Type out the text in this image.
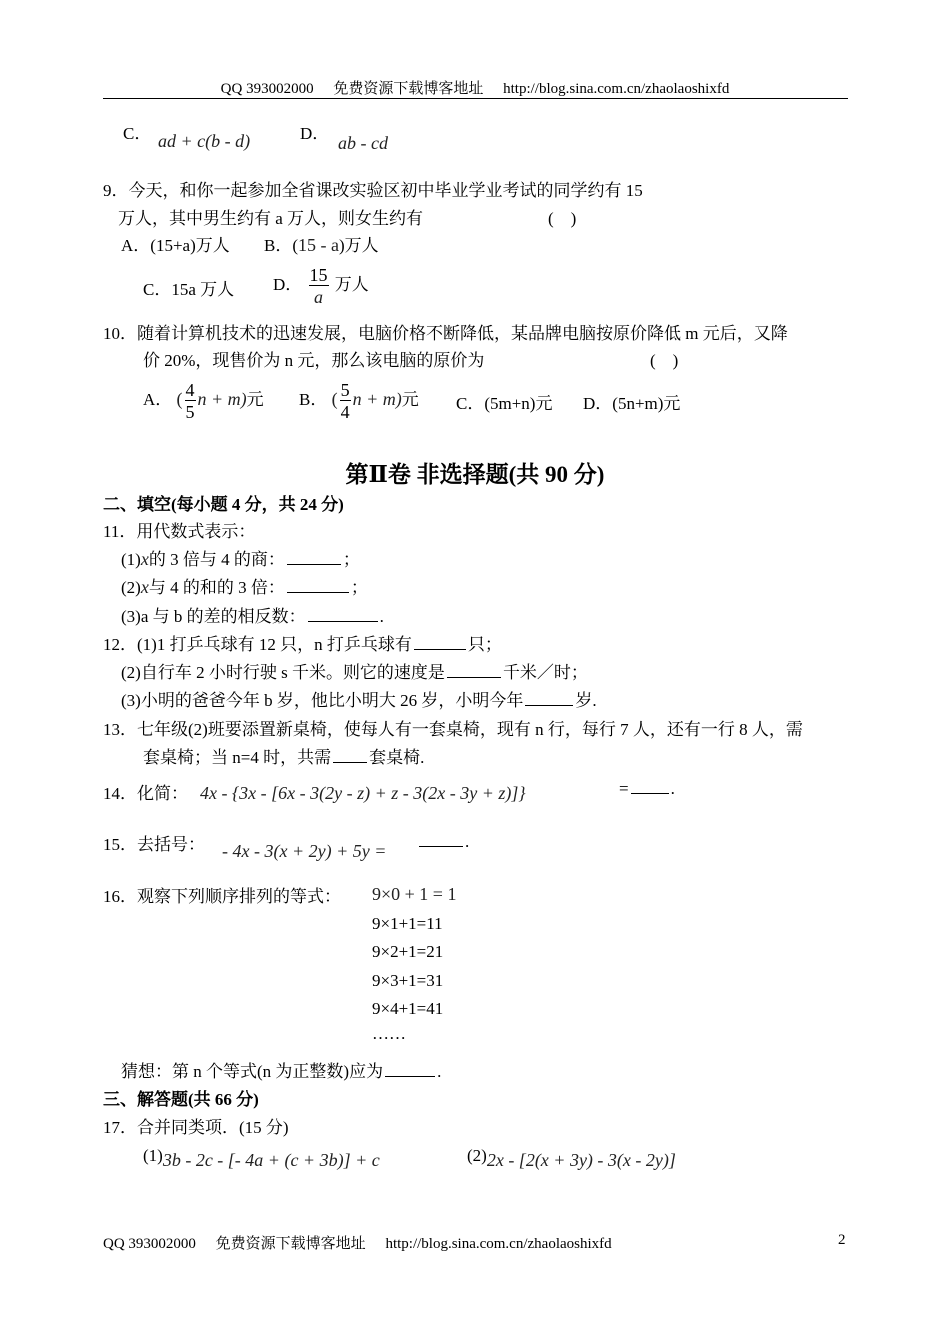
QQ 393002000 免费资源下载博客地址 http://blog.sina.com.cn/zhaolaoshixfd
C． ad + c(b - d)	D． ab - cd
9．今天，和你一起参加全省课改实验区初中毕业学业考试的同学约有 15
万人，其中男生约有 a 万人，则女生约有	(　)
A．(15+a)万人 B．(15 - a)万人
C．15a 万人 D． $\frac{15}{a}$ 万人
10．随着计算机技术的迅速发展，电脑价格不断降低，某品牌电脑按原价降低 m 元后，又降
价 20%，现售价为 n 元，那么该电脑的原价为	(　)
A． ( $\frac{4}{5}$ n + m)元 B． ( $\frac{5}{4}$ n + m)元 C．(5m+n)元 D．(5n+m)元
第Ⅱ卷 非选择题(共 90 分)
二、填空(每小题 4 分，共 24 分)
11．用代数式表示：
(1)x的 3 倍与 4 的商：	；
(2)x与 4 的和的 3 倍：	；
(3)a 与 b 的差的相反数：	.
12．(1)1 打乒乓球有 12 只，n 打乒乓球有	只；
(2)自行车 2 小时行驶 s 千米。则它的速度是	千米／时；
(3)小明的爸爸今年 b 岁，他比小明大 26 岁，小明今年	岁.
13．七年级(2)班要添置新桌椅，使每人有一套桌椅，现有 n 行，每行 7 人，还有一行 8 人，需
套桌椅；当 n=4 时，共需 套桌椅.
14．化简： 4x - {3x - [6x - 3(2y - z) + z - 3(2x - 3y + z)]}	= .
15．去括号： - 4x - 3(x + 2y) + 5y =	.
16．观察下列顺序排列的等式： 9×0 + 1 = 1
9×1+1=11
9×2+1=21
9×3+1=31
9×4+1=41
……
猜想：第 n 个等式(n 为正整数)应为	.
三、解答题(共 66 分)
17．合并同类项．(15 分)
(1)3b - 2c - [- 4a + (c + 3b)] + c	(2)2x - [2(x + 3y) - 3(x - 2y)]
QQ 393002000 免费资源下载博客地址 http://blog.sina.com.cn/zhaolaoshixfd	2
